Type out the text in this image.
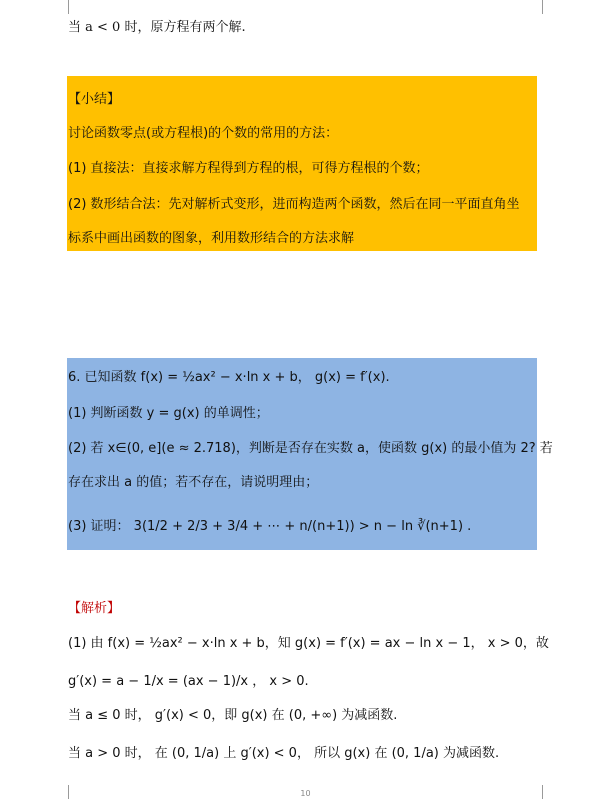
当 a < 0 时，原方程有两个解.
【小结】
讨论函数零点(或方程根)的个数的常用的方法：
(1) 直接法：直接求解方程得到方程的根，可得方程根的个数；
(2) 数形结合法：先对解析式变形，进而构造两个函数，然后在同一平面直角坐
标系中画出函数的图象，利用数形结合的方法求解
6. 已知函数 f(x) = ½ax² − x·ln x + b， g(x) = f′(x).
(1) 判断函数 y = g(x) 的单调性；
(2) 若 x∈(0, e](e ≈ 2.718)，判断是否存在实数 a，使函数 g(x) 的最小值为 2? 若
存在求出 a 的值；若不存在，请说明理由；
(3) 证明： 3(1/2 + 2/3 + 3/4 + ⋯ + n/(n+1)) > n − ln ∛(n+1) .
【解析】
(1) 由 f(x) = ½ax² − x·ln x + b，知 g(x) = f′(x) = ax − ln x − 1， x > 0，故
g′(x) = a − 1/x = (ax − 1)/x ， x > 0.
当 a ≤ 0 时， g′(x) < 0，即 g(x) 在 (0, +∞) 为减函数.
当 a > 0 时， 在 (0, 1/a) 上 g′(x) < 0， 所以 g(x) 在 (0, 1/a) 为减函数.
10
